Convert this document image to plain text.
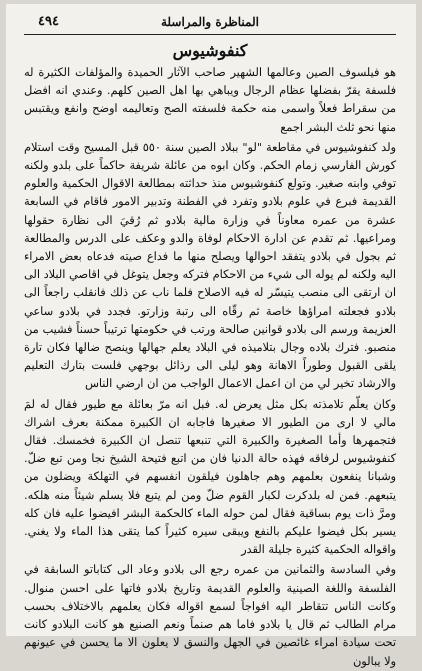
٤٩٤	المناظرة والمراسلة
كنفوشيوس

هو فيلسوف الصين وعالمها الشهير صاحب الآثار الحميدة والمؤلفات الكثيرة له فلسفة يقرّ بفضلها عظام الرجال ويباهي بها اهل الصين كلهم. وعندي انه افضل من سقراط فعلاً واسمى منه حكمة فلسفته الصح وتعاليمه اوضح وانفع ويقتبس منها نحو ثلث البشر اجمع

ولد كنفوشيوس في مقاطعة "لو" ببلاد الصين سنة ٥٥٠ قبل المسيح وقت استلام كورش الفارسي زمام الحكم. وكان ابوه من عائلة شريفة حاكماً على بلدو ولكنه توفي وابنه صغير. وتولع كنفوشيوس منذ حداثته بمطالعة الاقوال الحكمية والعلوم القديمة فبرع في علوم بلادو وتفرد في الفطنة وتدبير الامور فاقام في السابعة عشرة من عمره معاوناً في وزارة مالية بلادو ثم رُقيَ الى نظارة حقولها ومراعيها. ثم تقدم عن ادارة الاحكام لوفاة والدو وعكف على الدرس والمطالعة ثم بجول في بلادو يتفقد احوالها ويصلح منها ما فداع صيته فدعاه بعض الامراء اليه ولكنه لم يوله الى شيء من الاحكام فتركه وجعل يتوغل في اقاصي البلاد الى ان ارتقى الى منصب يتيسّر له فيه الاصلاح فلما ناب عن ذلك فانقلب راجعاً الى بلادو فجعلته امراؤها خاصة ثم رقّاه الى رتبة وزارتو. فجدد في بلادو ساعي العزيمة ورسم الى بلادو قوانين صالحة ورتب في حكومتها ترتيباً حسناً فشيب من منصبو. فترك بلاده وجال بتلاميذه في البلاد يعلم جهالها وينصح ضالها فكان تارة يلقى القبول وطوراً الاهانة وهو ليلى الى رذائل بوجهي فلست بتارك التعليم والارشاد تخير لي من ان اعمل الاعمال الواجب من ان ارضي الناس

وكان يعلّم تلامذته بكل مثل يعرض له. فبل انه مرّ بعائلة مع طيور فقال له لمَ مالي لا ارى من الطيور الا صغيرها فاجابه ان الكبيرة ممكنة بعرف اشراك فتجمهرها وأما الصغيرة والكبيرة التي تنبعها تنصل ان الكبيرة فخمسك. فقال كنفوشيوس لرفاقه فهذه حالة الدنيا فان من اتبع فتيحة الشيخ نجا ومن تبع ضلّ. وشبانا ينفعون بعلمهم وهم جاهلون فيلقون انفسهم في التهلكة ويضلون من يتبعهم. فمن له بلدكرت لكبار القوم ضلّ ومن لم يتبع فلا يسلم شيئاً منه هلكه. ومرَّ ذات يوم بساقية فقال لمن حوله الماء كالحكمة البشر افيضوا عليه فان كله يسير بكل فيضوا عليكم بالنفع ويبقى سيره كثيراً كما يتقى هذا الماء ولا يغني. واقواله الحكمية كثيرة جليلة القدر

وفي السادسة والثمانين من عمره رجع الى بلادو وعاد الى كتاباتو السابقة في الفلسفة واللغة الصينية والعلوم القديمة وتاريخ بلادو فاتها على احسن منوال. وكانت الناس تتقاطر اليه افواجاً لسمع اقواله فكان يعلمهم بالاختلاف بحسب مرام الطالب ثم قال يا بلادو فاما هم صنماً ونعم الصنيع هو كانت البلادو كانت تحت سيادة امراء غائصين في الجهل والنسق لا يعلون الا ما يحسن في عيونهم ولا يبالون
